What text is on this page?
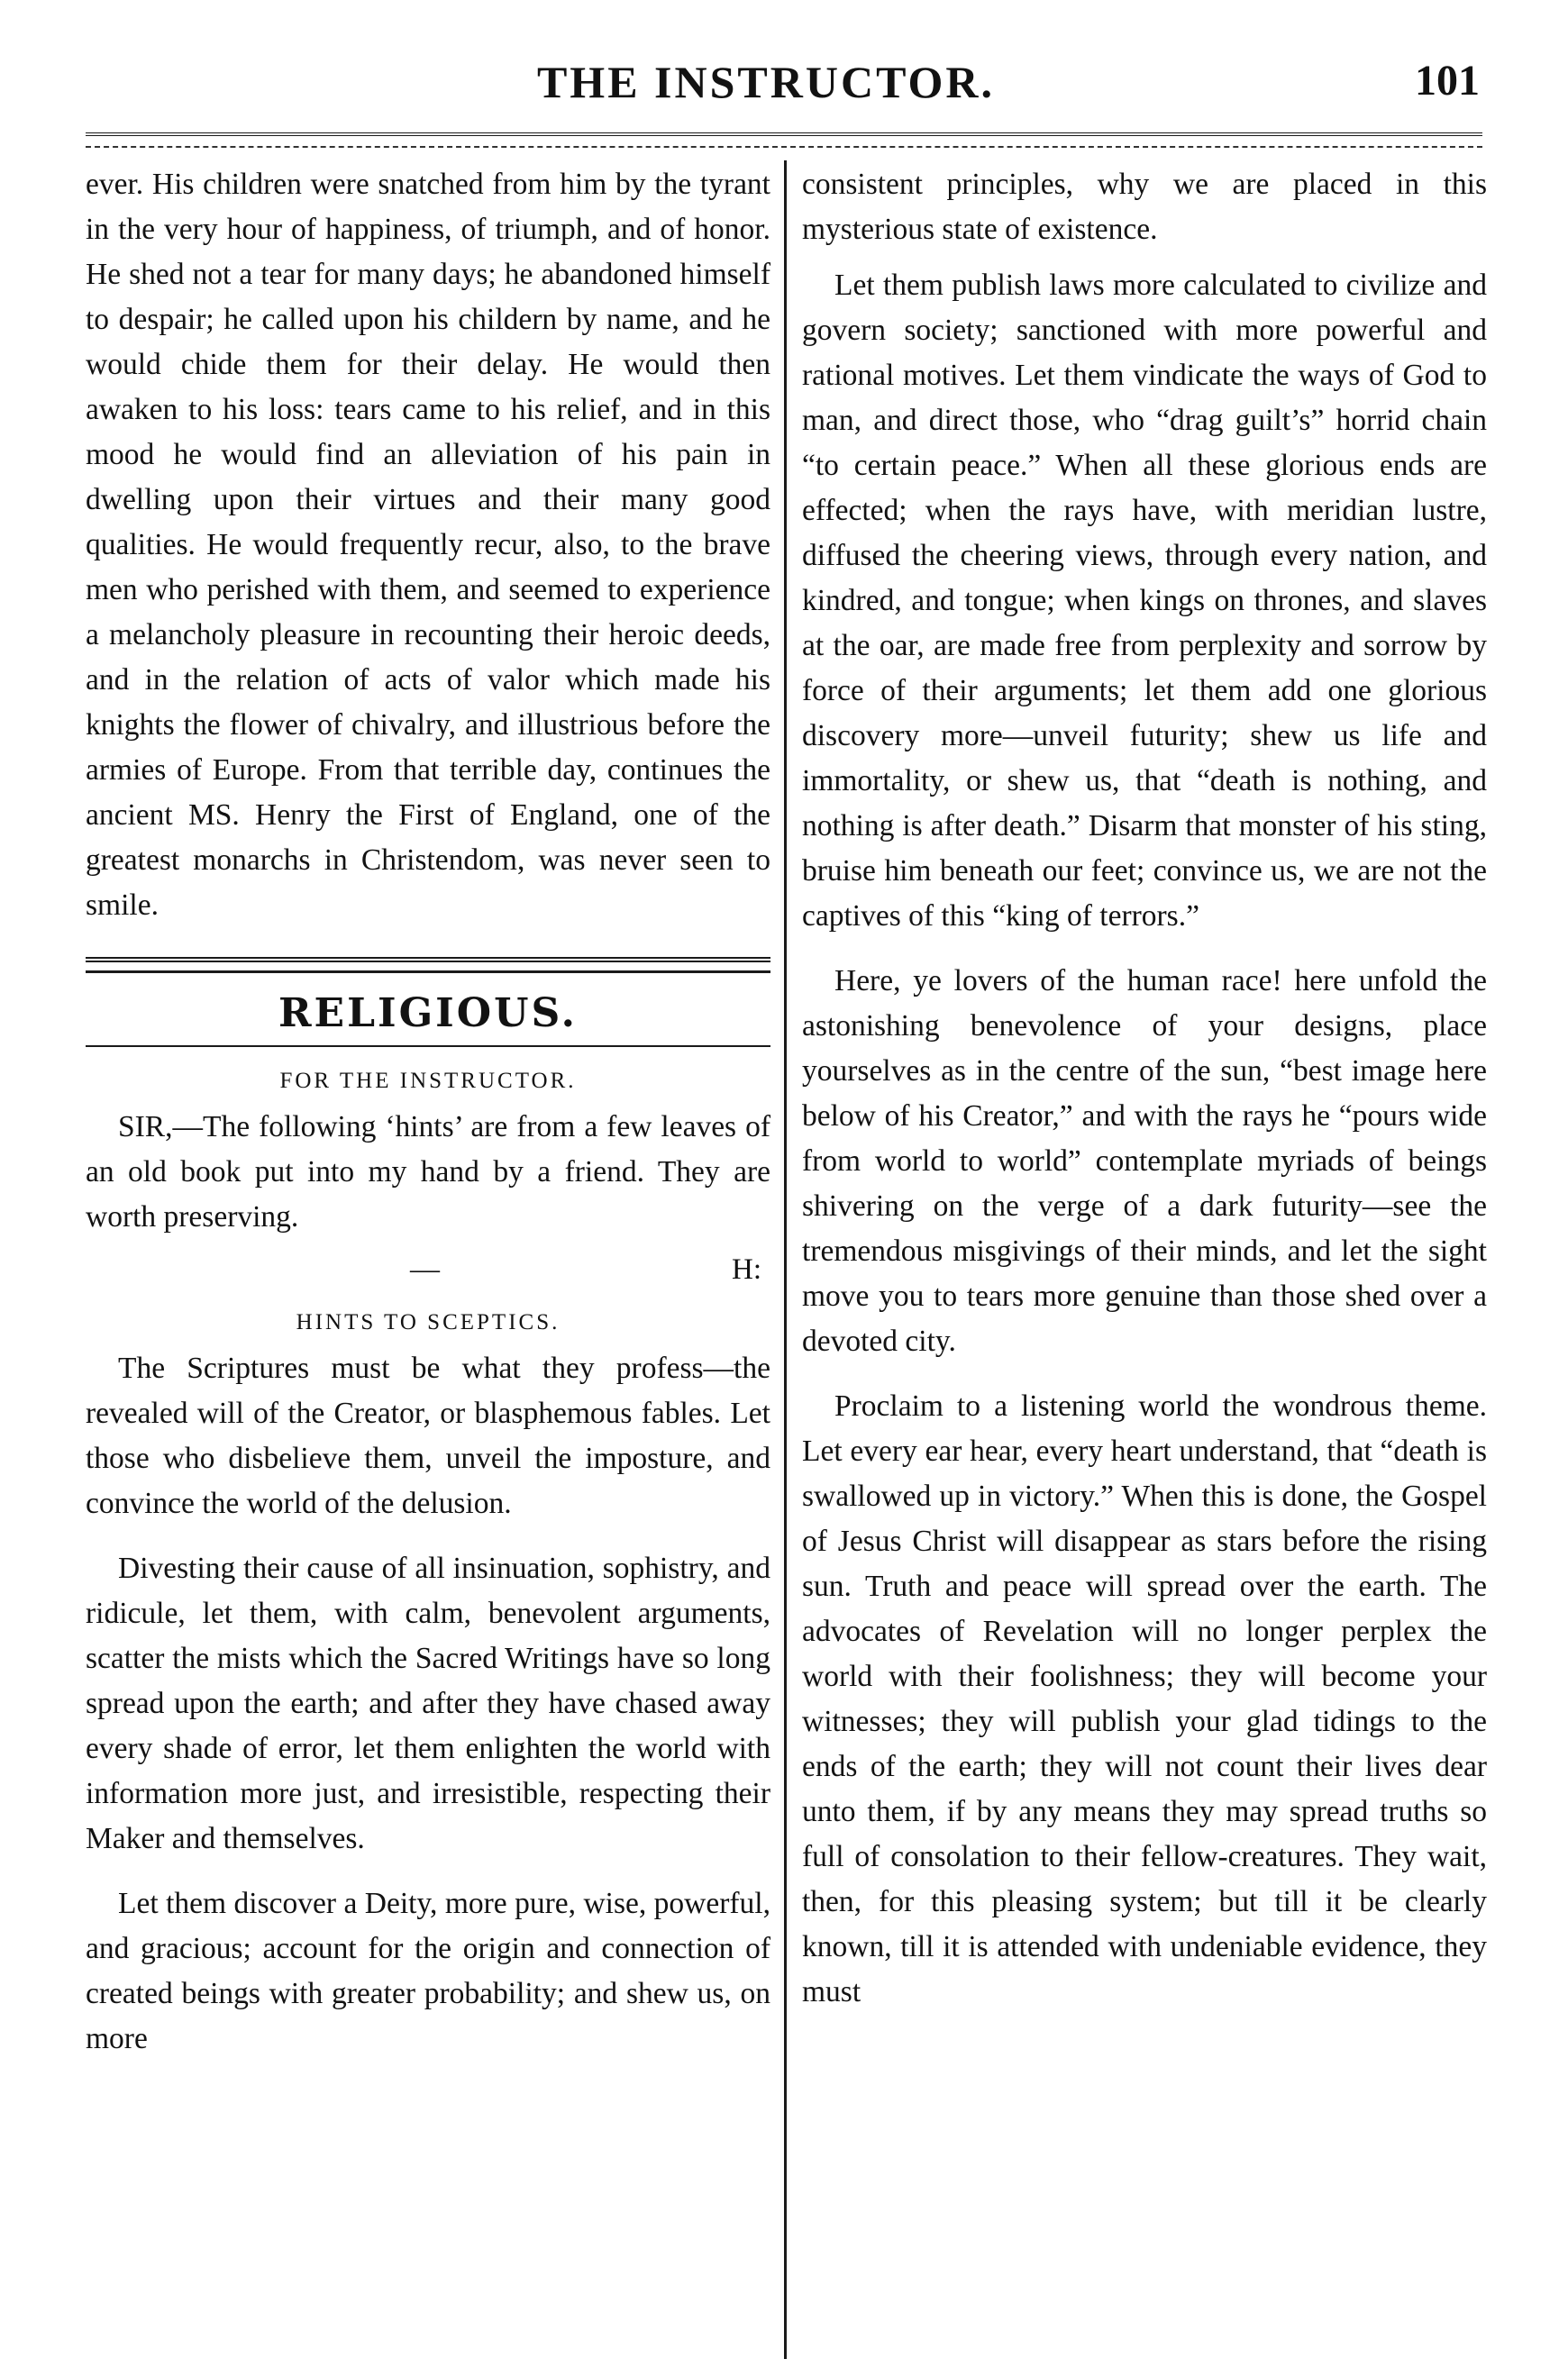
THE INSTRUCTOR.	101

ever. His children were snatched from him by the tyrant in the very hour of happiness, of triumph, and of honor. He shed not a tear for many days; he abandoned himself to despair; he called upon his childern by name, and he would chide them for their delay. He would then awaken to his loss: tears came to his relief, and in this mood he would find an alleviation of his pain in dwelling upon their virtues and their many good qualities. He would frequently recur, also, to the brave men who perished with them, and seemed to experience a melancholy pleasure in recounting their heroic deeds, and in the relation of acts of valor which made his knights the flower of chivalry, and illustrious before the armies of Europe. From that terrible day, continues the ancient MS. Henry the First of England, one of the greatest monarchs in Christendom, was never seen to smile.

RELIGIOUS.
FOR THE INSTRUCTOR.

SIR,—The following ‘hints’ are from a few leaves of an old book put into my hand by a friend. They are worth preserving.

—	H:
HINTS TO SCEPTICS.

The Scriptures must be what they profess—the revealed will of the Creator, or blasphemous fables. Let those who disbelieve them, unveil the imposture, and convince the world of the delusion.

Divesting their cause of all insinuation, sophistry, and ridicule, let them, with calm, benevolent arguments, scatter the mists which the Sacred Writings have so long spread upon the earth; and after they have chased away every shade of error, let them enlighten the world with information more just, and irresistible, respecting their Maker and themselves.

Let them discover a Deity, more pure, wise, powerful, and gracious; account for the origin and connection of created beings with greater probability; and shew us, on more

consistent principles, why we are placed in this mysterious state of existence.

Let them publish laws more calculated to civilize and govern society; sanctioned with more powerful and rational motives. Let them vindicate the ways of God to man, and direct those, who “drag guilt’s” horrid chain “to certain peace.” When all these glorious ends are effected; when the rays have, with meridian lustre, diffused the cheering views, through every nation, and kindred, and tongue; when kings on thrones, and slaves at the oar, are made free from perplexity and sorrow by force of their arguments; let them add one glorious discovery more—unveil futurity; shew us life and immortality, or shew us, that “death is nothing, and nothing is after death.” Disarm that monster of his sting, bruise him beneath our feet; convince us, we are not the captives of this “king of terrors.”

Here, ye lovers of the human race! here unfold the astonishing benevolence of your designs, place yourselves as in the centre of the sun, “best image here below of his Creator,” and with the rays he “pours wide from world to world” contemplate myriads of beings shivering on the verge of a dark futurity—see the tremendous misgivings of their minds, and let the sight move you to tears more genuine than those shed over a devoted city.

Proclaim to a listening world the wondrous theme. Let every ear hear, every heart understand, that “death is swallowed up in victory.” When this is done, the Gospel of Jesus Christ will disappear as stars before the rising sun. Truth and peace will spread over the earth. The advocates of Revelation will no longer perplex the world with their foolishness; they will become your witnesses; they will publish your glad tidings to the ends of the earth; they will not count their lives dear unto them, if by any means they may spread truths so full of consolation to their fellow-creatures. They wait, then, for this pleasing system; but till it be clearly known, till it is attended with undeniable evidence, they must
